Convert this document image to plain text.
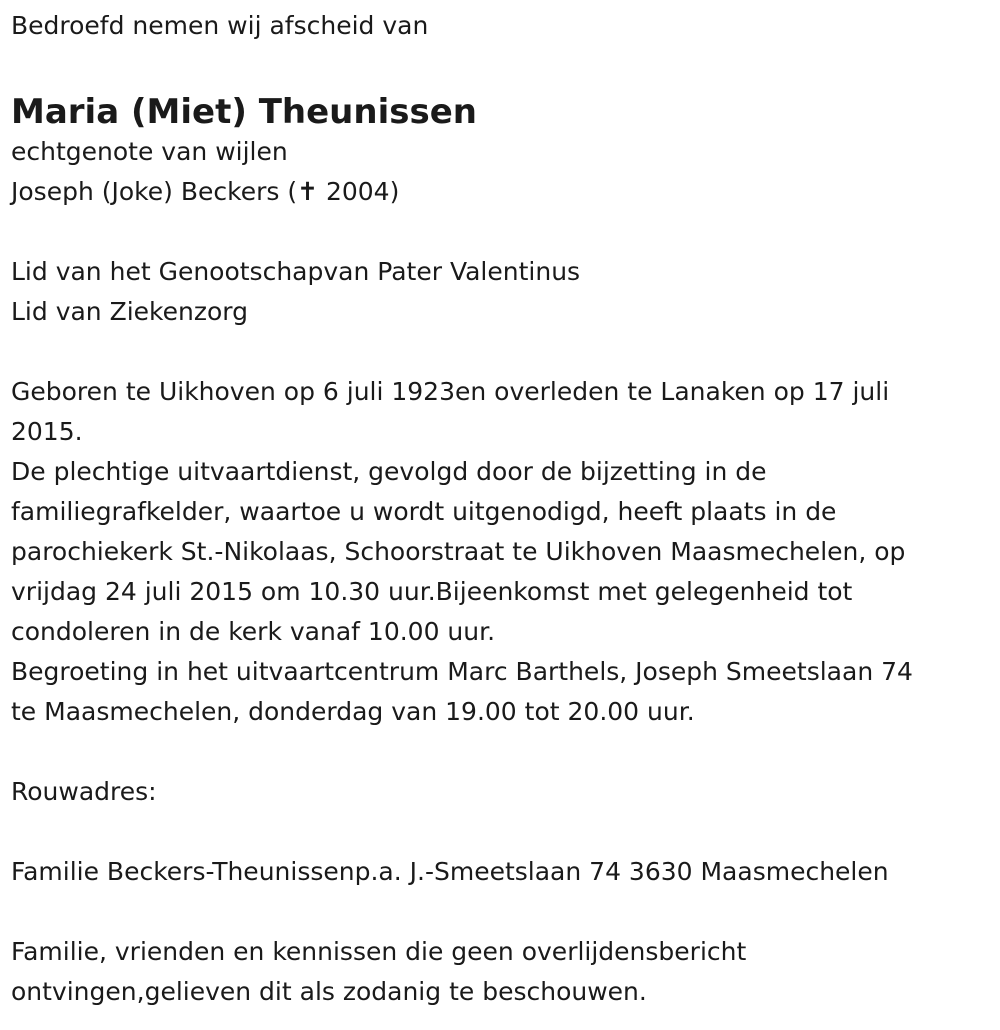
Bedroefd nemen wij afscheid van

Maria (Miet) Theunissen

echtgenote van wijlen

Joseph (Joke) Beckers (✝ 2004)

Lid van het Genootschapvan Pater Valentinus

Lid van Ziekenzorg

Geboren te Uikhoven op 6 juli 1923en overleden te Lanaken op 17 juli

2015.

De plechtige uitvaartdienst, gevolgd door de bijzetting in de

familiegrafkelder, waartoe u wordt uitgenodigd, heeft plaats in de

parochiekerk St.-Nikolaas, Schoorstraat te Uikhoven Maasmechelen, op

vrijdag 24 juli 2015 om 10.30 uur.Bijeenkomst met gelegenheid tot

condoleren in de kerk vanaf 10.00 uur.

Begroeting in het uitvaartcentrum Marc Barthels, Joseph Smeetslaan 74

te Maasmechelen, donderdag van 19.00 tot 20.00 uur.

Rouwadres:

Familie Beckers-Theunissenp.a. J.-Smeetslaan 74 3630 Maasmechelen

Familie, vrienden en kennissen die geen overlijdensbericht

ontvingen,gelieven dit als zodanig te beschouwen.
